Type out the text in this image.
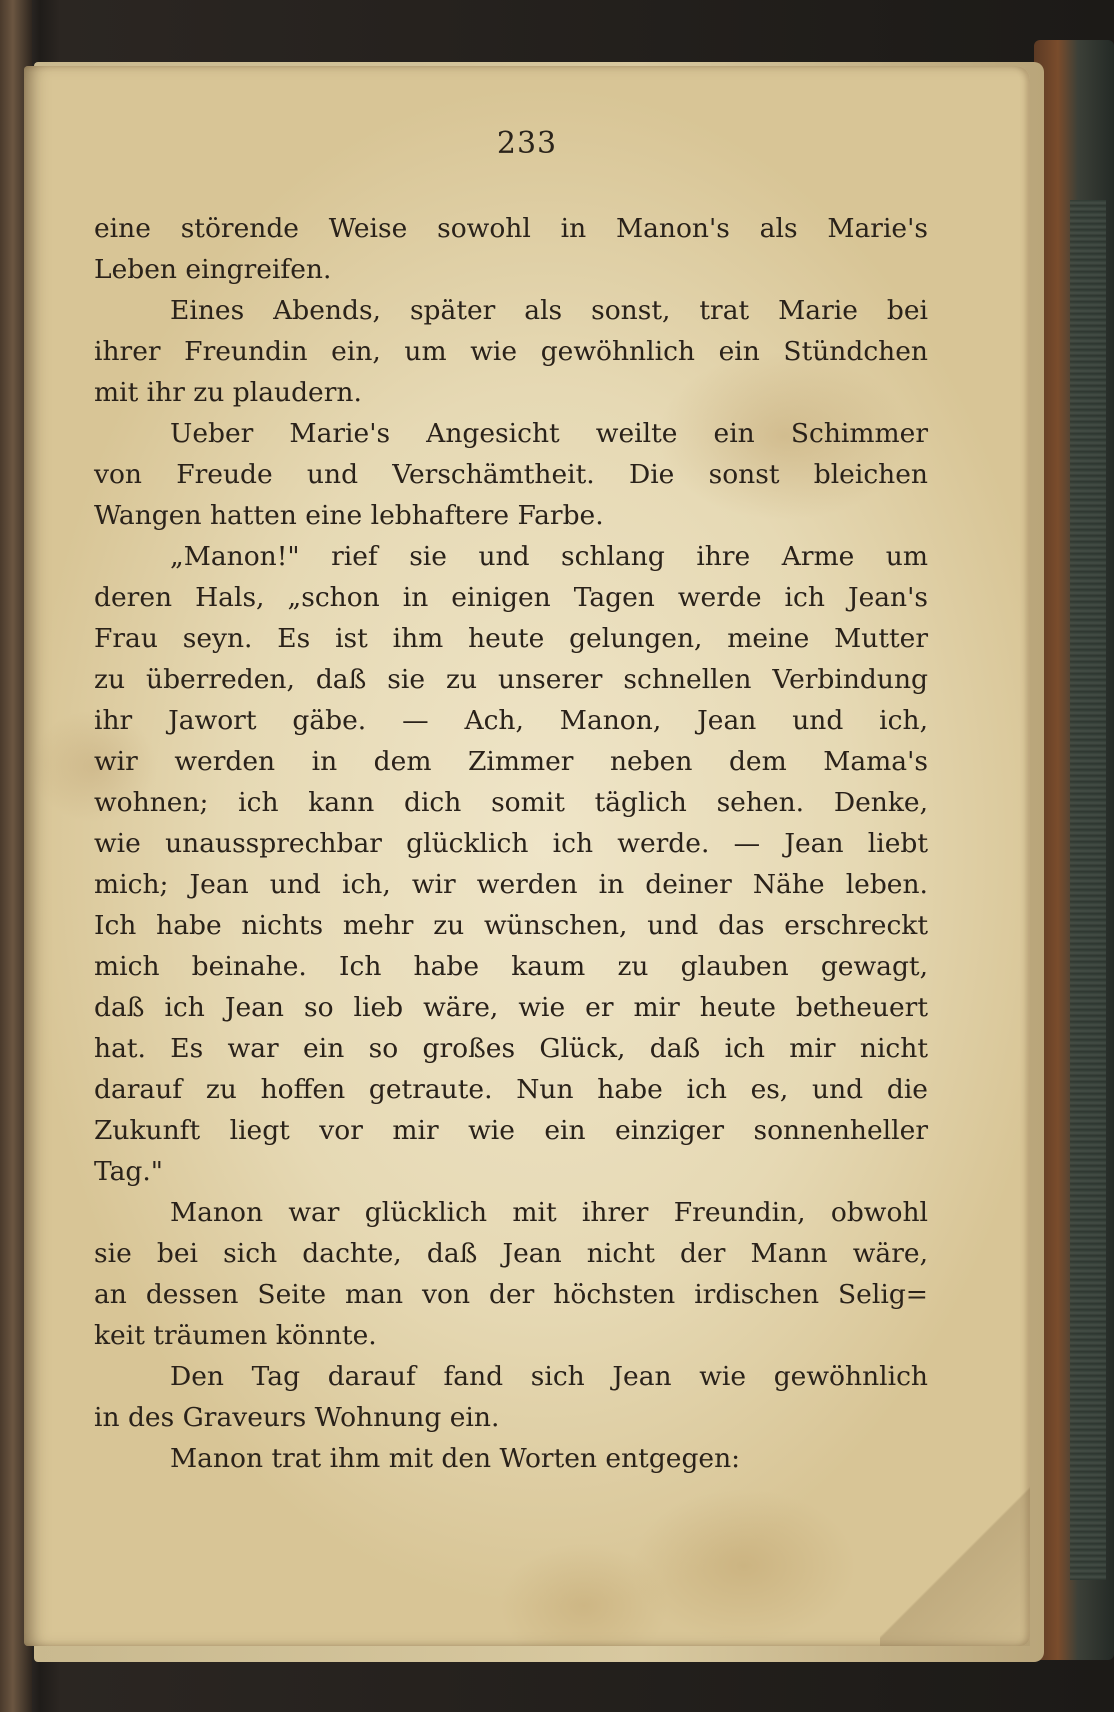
233
eine störende Weise sowohl in Manon's als Marie's
Leben eingreifen.
Eines Abends, später als sonst, trat Marie bei
ihrer Freundin ein, um wie gewöhnlich ein Stündchen
mit ihr zu plaudern.
Ueber Marie's Angesicht weilte ein Schimmer
von Freude und Verschämtheit. Die sonst bleichen
Wangen hatten eine lebhaftere Farbe.
„Manon!" rief sie und schlang ihre Arme um
deren Hals, „schon in einigen Tagen werde ich Jean's
Frau seyn. Es ist ihm heute gelungen, meine Mutter
zu überreden, daß sie zu unserer schnellen Verbindung
ihr Jawort gäbe. — Ach, Manon, Jean und ich,
wir werden in dem Zimmer neben dem Mama's
wohnen; ich kann dich somit täglich sehen. Denke,
wie unaussprechbar glücklich ich werde. — Jean liebt
mich; Jean und ich, wir werden in deiner Nähe leben.
Ich habe nichts mehr zu wünschen, und das erschreckt
mich beinahe. Ich habe kaum zu glauben gewagt,
daß ich Jean so lieb wäre, wie er mir heute betheuert
hat. Es war ein so großes Glück, daß ich mir nicht
darauf zu hoffen getraute. Nun habe ich es, und die
Zukunft liegt vor mir wie ein einziger sonnenheller
Tag."
Manon war glücklich mit ihrer Freundin, obwohl
sie bei sich dachte, daß Jean nicht der Mann wäre,
an dessen Seite man von der höchsten irdischen Selig=
keit träumen könnte.
Den Tag darauf fand sich Jean wie gewöhnlich
in des Graveurs Wohnung ein.
Manon trat ihm mit den Worten entgegen:
